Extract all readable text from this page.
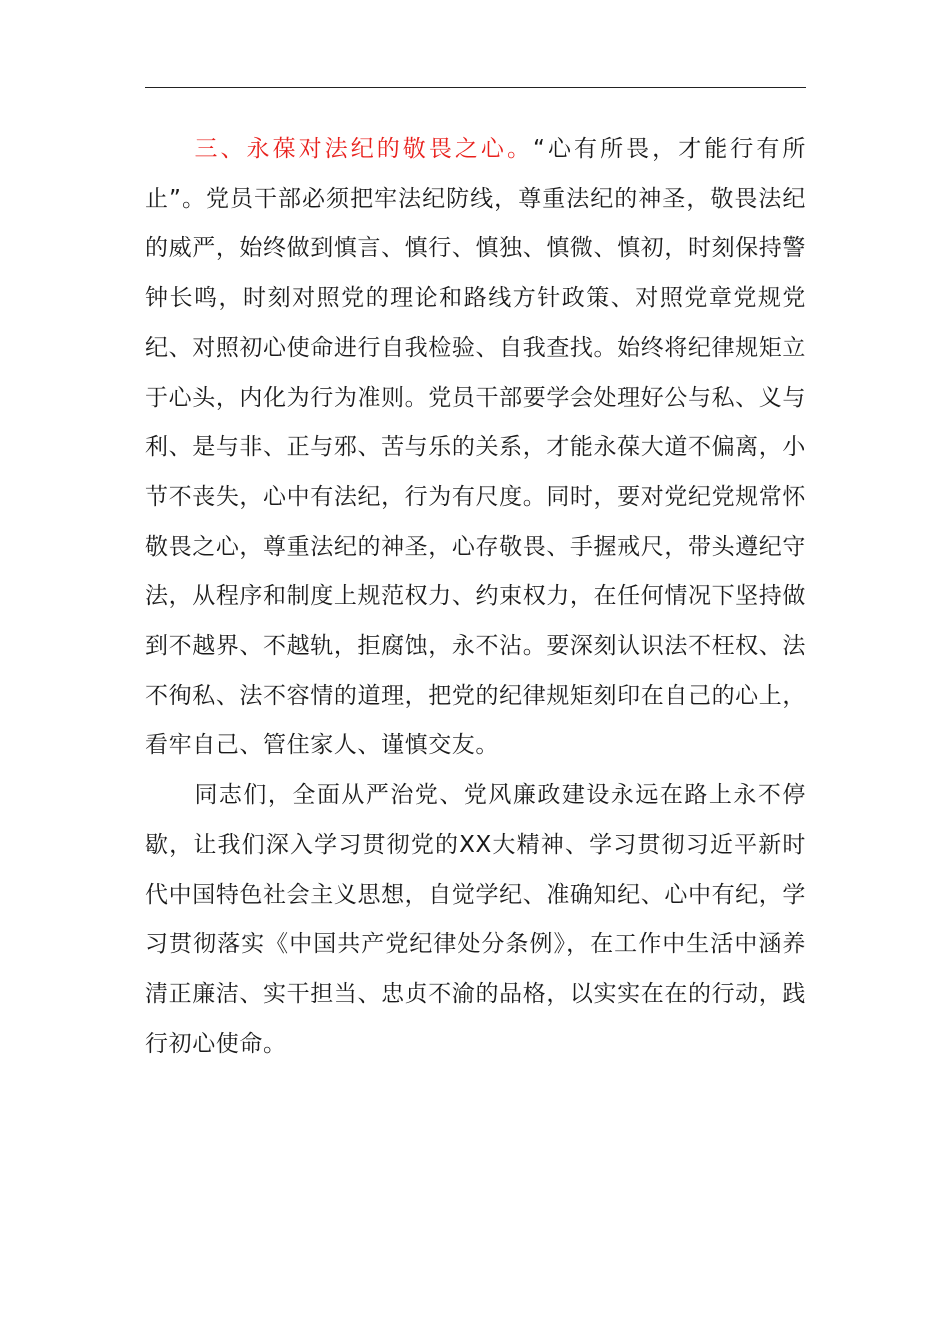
三、永葆对法纪的敬畏之心。“心有所畏，才能行有所止”。党员干部必须把牢法纪防线，尊重法纪的神圣，敬畏法纪的威严，始终做到慎言、慎行、慎独、慎微、慎初，时刻保持警钟长鸣，时刻对照党的理论和路线方针政策、对照党章党规党纪、对照初心使命进行自我检验、自我查找。始终将纪律规矩立于心头，内化为行为准则。党员干部要学会处理好公与私、义与利、是与非、正与邪、苦与乐的关系，才能永葆大道不偏离，小节不丧失，心中有法纪，行为有尺度。同时，要对党纪党规常怀敬畏之心，尊重法纪的神圣，心存敬畏、手握戒尺，带头遵纪守法，从程序和制度上规范权力、约束权力，在任何情况下坚持做到不越界、不越轨，拒腐蚀，永不沾。要深刻认识法不枉权、法不徇私、法不容情的道理，把党的纪律规矩刻印在自己的心上，看牢自己、管住家人、谨慎交友。

同志们，全面从严治党、党风廉政建设永远在路上永不停歇，让我们深入学习贯彻党的XX大精神、学习贯彻习近平新时代中国特色社会主义思想，自觉学纪、准确知纪、心中有纪，学习贯彻落实《中国共产党纪律处分条例》，在工作中生活中涵养清正廉洁、实干担当、忠贞不渝的品格，以实实在在的行动，践行初心使命。
